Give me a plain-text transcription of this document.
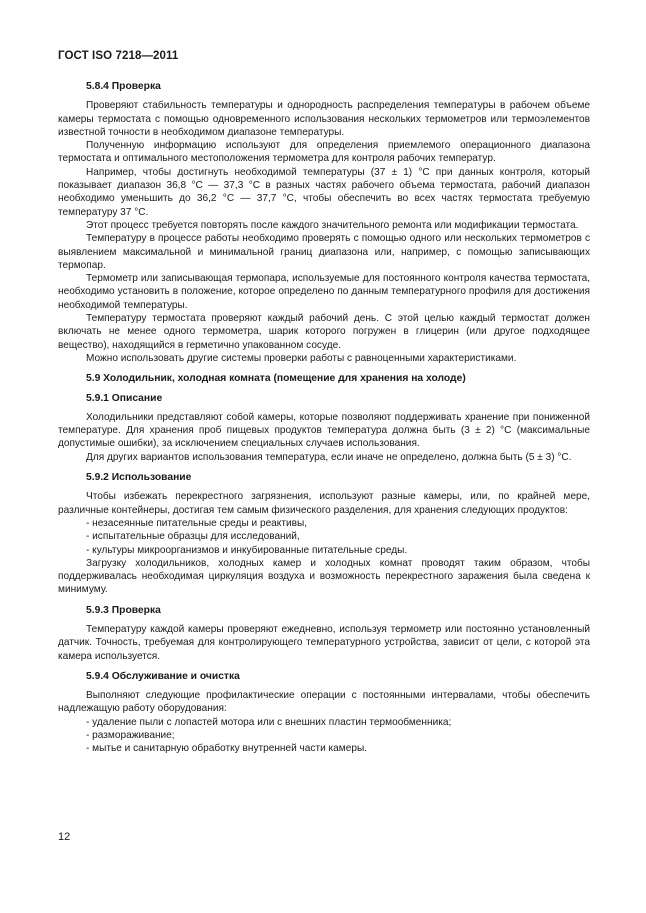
ГОСТ ISO 7218—2011
5.8.4 Проверка

Проверяют стабильность температуры и однородность распределения температуры в рабочем объеме камеры термостата с помощью одновременного использования нескольких термометров или термоэлементов известной точности в необходимом диапазоне температуры.

Полученную информацию используют для определения приемлемого операционного диапазона термостата и оптимального местоположения термометра для контроля рабочих температур.

Например, чтобы достигнуть необходимой температуры (37 ± 1) °С при данных контроля, который показывает диапазон 36,8 °С — 37,3 °С в разных частях рабочего объема термостата, рабочий диапазон необходимо уменьшить до 36,2 °С — 37,7 °С, чтобы обеспечить во всех частях термостата требуемую температуру 37 °С.

Этот процесс требуется повторять после каждого значительного ремонта или модификации термостата.

Температуру в процессе работы необходимо проверять с помощью одного или нескольких термометров с выявлением максимальной и минимальной границ диапазона или, например, с помощью записывающих термопар.

Термометр или записывающая термопара, используемые для постоянного контроля качества термостата, необходимо установить в положение, которое определено по данным температурного профиля для достижения необходимой температуры.

Температуру термостата проверяют каждый рабочий день. С этой целью каждый термостат должен включать не менее одного термометра, шарик которого погружен в глицерин (или другое подходящее вещество), находящийся в герметично упакованном сосуде.

Можно использовать другие системы проверки работы с равноценными характеристиками.

5.9 Холодильник, холодная комната (помещение для хранения на холоде)
5.9.1 Описание

Холодильники представляют собой камеры, которые позволяют поддерживать хранение при пониженной температуре. Для хранения проб пищевых продуктов температура должна быть (3 ± 2) °С (максимальные допустимые ошибки), за исключением специальных случаев использования.

Для других вариантов использования температура, если иначе не определено, должна быть (5 ± 3) °С.

5.9.2 Использование

Чтобы избежать перекрестного загрязнения, используют разные камеры, или, по крайней мере, различные контейнеры, достигая тем самым физического разделения, для хранения следующих продуктов:

- незасеянные питательные среды и реактивы,
- испытательные образцы для исследований,
- культуры микроорганизмов и инкубированные питательные среды.

Загрузку холодильников, холодных камер и холодных комнат проводят таким образом, чтобы поддерживалась необходимая циркуляция воздуха и возможность перекрестного заражения была сведена к минимуму.

5.9.3 Проверка

Температуру каждой камеры проверяют ежедневно, используя термометр или постоянно установленный датчик. Точность, требуемая для контролирующего температурного устройства, зависит от цели, с которой эта камера используется.

5.9.4 Обслуживание и очистка

Выполняют следующие профилактические операции с постоянными интервалами, чтобы обеспечить надлежащую работу оборудования:

- удаление пыли с лопастей мотора или с внешних пластин термообменника;
- размораживание;
- мытье и санитарную обработку внутренней части камеры.
12
